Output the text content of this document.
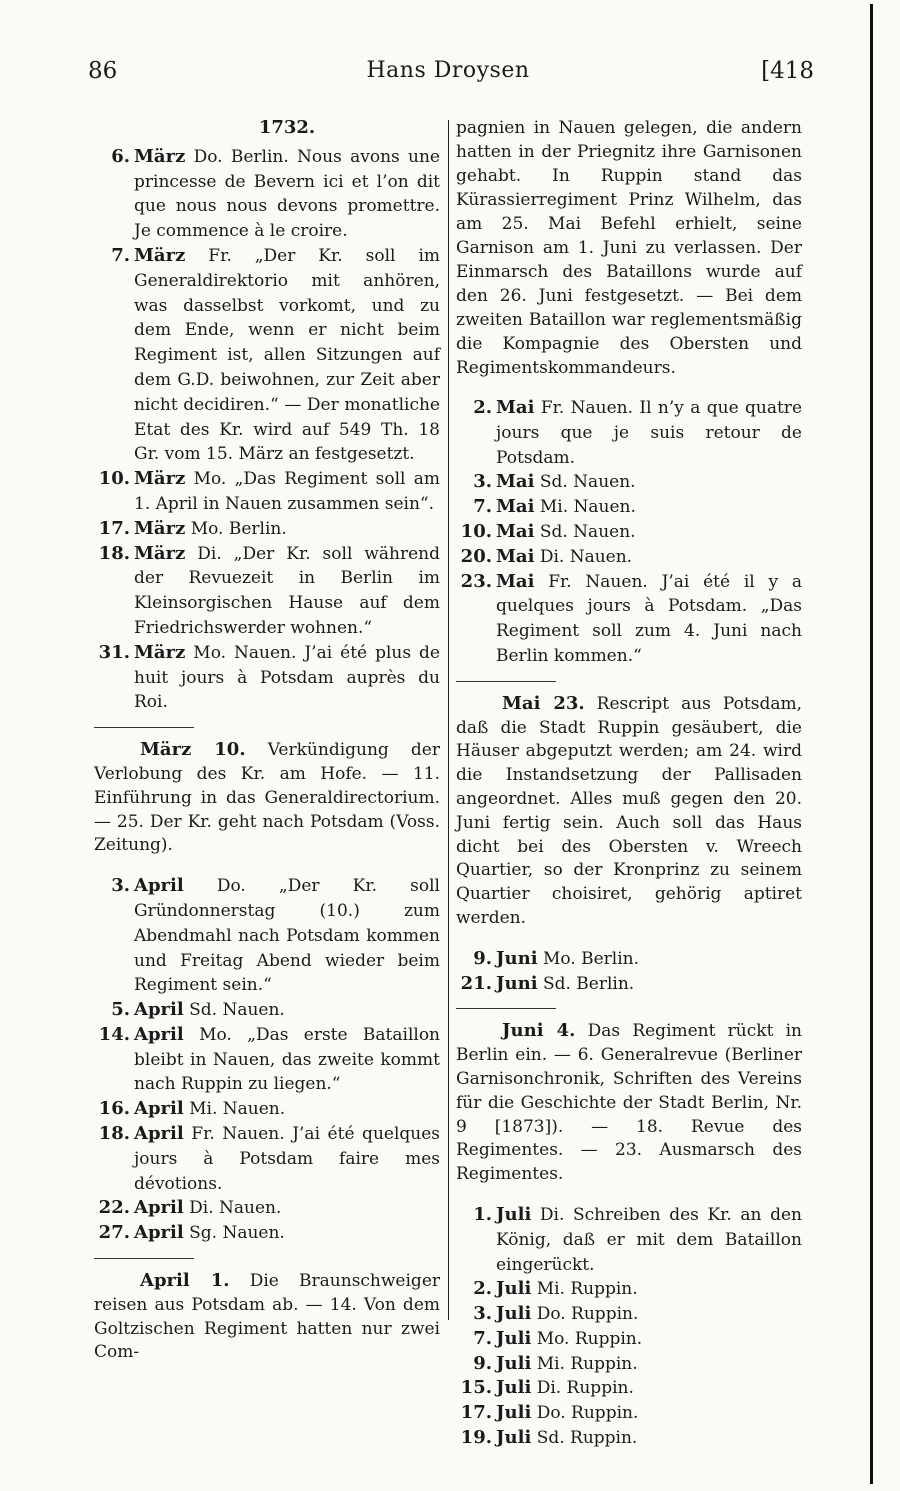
86	Hans Droysen	[418
1732.
6. März Do. Berlin. Nous avons une princesse de Bevern ici et l’on dit que nous nous devons promettre. Je commence à le croire.
7. März Fr. „Der Kr. soll im Generaldirektorio mit anhören, was dasselbst vorkomt, und zu dem Ende, wenn er nicht beim Regiment ist, allen Sitzungen auf dem G.D. beiwohnen, zur Zeit aber nicht decidiren.“ — Der monatliche Etat des Kr. wird auf 549 Th. 18 Gr. vom 15. März an festgesetzt.
10. März Mo. „Das Regiment soll am 1. April in Nauen zusammen sein“.
17. März Mo. Berlin.
18. März Di. „Der Kr. soll während der Revuezeit in Berlin im Kleinsorgischen Hause auf dem Friedrichswerder wohnen.“
31. März Mo. Nauen. J’ai été plus de huit jours à Potsdam auprès du Roi.
März 10. Verkündigung der Verlobung des Kr. am Hofe. — 11. Einführung in das Generaldirectorium. — 25. Der Kr. geht nach Potsdam (Voss. Zeitung).
3. April Do. „Der Kr. soll Gründonnerstag (10.) zum Abendmahl nach Potsdam kommen und Freitag Abend wieder beim Regiment sein.“
5. April Sd. Nauen.
14. April Mo. „Das erste Bataillon bleibt in Nauen, das zweite kommt nach Ruppin zu liegen.“
16. April Mi. Nauen.
18. April Fr. Nauen. J’ai été quelques jours à Potsdam faire mes dévotions.
22. April Di. Nauen.
27. April Sg. Nauen.
April 1. Die Braunschweiger reisen aus Potsdam ab. — 14. Von dem Goltzischen Regiment hatten nur zwei Com-
pagnien in Nauen gelegen, die andern hatten in der Priegnitz ihre Garnisonen gehabt. In Ruppin stand das Kürassierregiment Prinz Wilhelm, das am 25. Mai Befehl erhielt, seine Garnison am 1. Juni zu verlassen. Der Einmarsch des Bataillons wurde auf den 26. Juni festgesetzt. — Bei dem zweiten Bataillon war reglementsmäßig die Kompagnie des Obersten und Regimentskommandeurs.
2. Mai Fr. Nauen. Il n’y a que quatre jours que je suis retour de Potsdam.
3. Mai Sd. Nauen.
7. Mai Mi. Nauen.
10. Mai Sd. Nauen.
20. Mai Di. Nauen.
23. Mai Fr. Nauen. J’ai été il y a quelques jours à Potsdam. „Das Regiment soll zum 4. Juni nach Berlin kommen.“
Mai 23. Rescript aus Potsdam, daß die Stadt Ruppin gesäubert, die Häuser abgeputzt werden; am 24. wird die Instandsetzung der Pallisaden angeordnet. Alles muß gegen den 20. Juni fertig sein. Auch soll das Haus dicht bei des Obersten v. Wreech Quartier, so der Kronprinz zu seinem Quartier choisiret, gehörig aptiret werden.
9. Juni Mo. Berlin.
21. Juni Sd. Berlin.
Juni 4. Das Regiment rückt in Berlin ein. — 6. Generalrevue (Berliner Garnisonchronik, Schriften des Vereins für die Geschichte der Stadt Berlin, Nr. 9 [1873]). — 18. Revue des Regimentes. — 23. Ausmarsch des Regimentes.
1. Juli Di. Schreiben des Kr. an den König, daß er mit dem Bataillon eingerückt.
2. Juli Mi. Ruppin.
3. Juli Do. Ruppin.
7. Juli Mo. Ruppin.
9. Juli Mi. Ruppin.
15. Juli Di. Ruppin.
17. Juli Do. Ruppin.
19. Juli Sd. Ruppin.
